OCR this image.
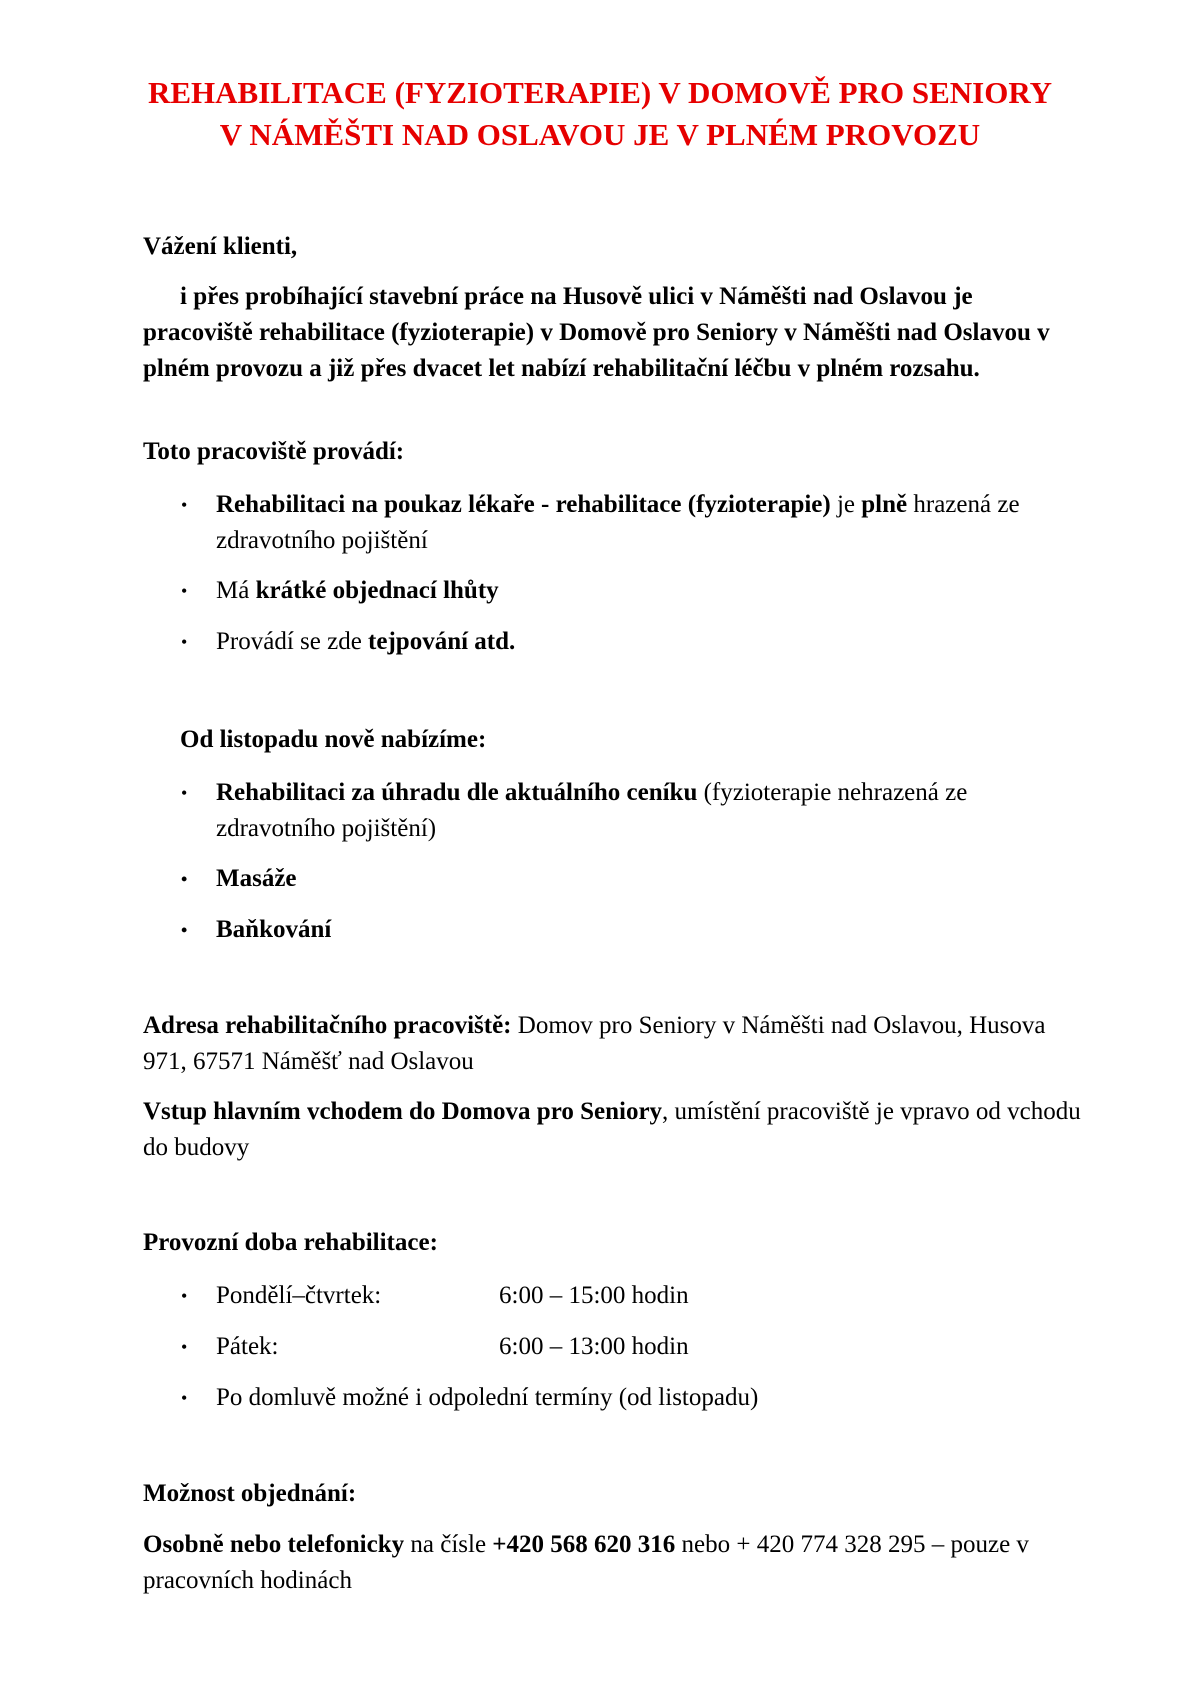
REHABILITACE (FYZIOTERAPIE) V DOMOVĚ PRO SENIORY
V NÁMĚŠTI NAD OSLAVOU JE V PLNÉM PROVOZU
Vážení klienti,
i přes probíhající stavební práce na Husově ulici v Náměšti nad Oslavou je pracoviště rehabilitace (fyzioterapie) v Domově pro Seniory v Náměšti nad Oslavou v plném provozu a již přes dvacet let nabízí rehabilitační léčbu v plném rozsahu.
Toto pracoviště provádí:
• Rehabilitaci na poukaz lékaře - rehabilitace (fyzioterapie) je plně hrazená ze zdravotního pojištění
• Má krátké objednací lhůty
• Provádí se zde tejpování atd.
Od listopadu nově nabízíme:
• Rehabilitaci za úhradu dle aktuálního ceníku (fyzioterapie nehrazená ze zdravotního pojištění)
• Masáže
• Baňkování
Adresa rehabilitačního pracoviště: Domov pro Seniory v Náměšti nad Oslavou, Husova 971, 67571 Náměšť nad Oslavou
Vstup hlavním vchodem do Domova pro Seniory, umístění pracoviště je vpravo od vchodu do budovy
Provozní doba rehabilitace:
• Pondělí–čtvrtek:	6:00 – 15:00 hodin
• Pátek:	6:00 – 13:00 hodin
• Po domluvě možné i odpolední termíny (od listopadu)
Možnost objednání:
Osobně nebo telefonicky na čísle +420 568 620 316 nebo + 420 774 328 295 – pouze v pracovních hodinách
